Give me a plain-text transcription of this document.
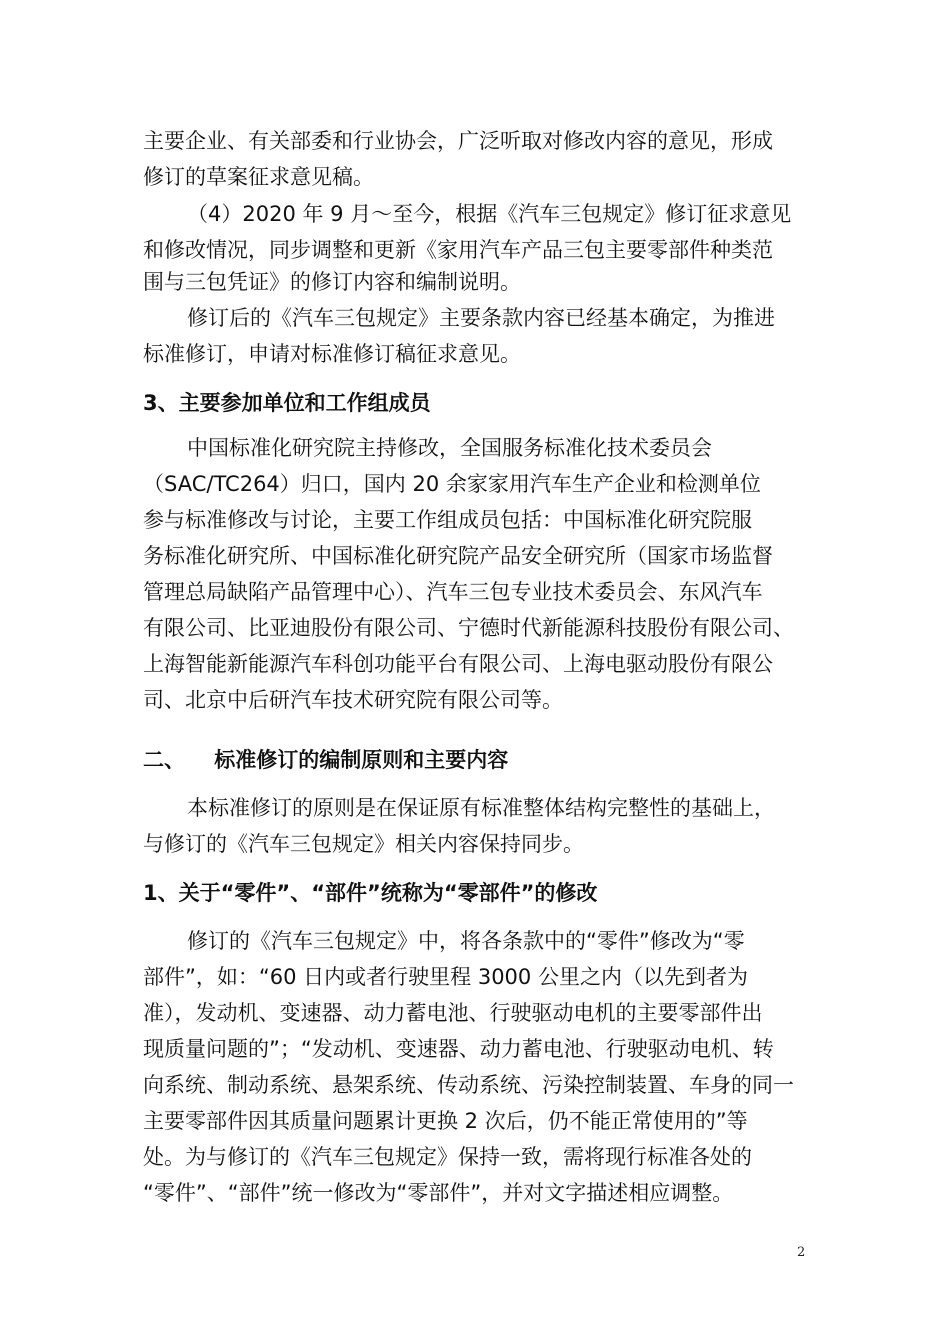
主要企业、有关部委和行业协会，广泛听取对修改内容的意见，形成
修订的草案征求意见稿。
（4）2020 年 9 月～至今，根据《汽车三包规定》修订征求意见
和修改情况，同步调整和更新《家用汽车产品三包主要零部件种类范
围与三包凭证》的修订内容和编制说明。
修订后的《汽车三包规定》主要条款内容已经基本确定，为推进
标准修订，申请对标准修订稿征求意见。
3、主要参加单位和工作组成员
中国标准化研究院主持修改，全国服务标准化技术委员会
（SAC/TC264）归口，国内 20 余家家用汽车生产企业和检测单位
参与标准修改与讨论，主要工作组成员包括：中国标准化研究院服
务标准化研究所、中国标准化研究院产品安全研究所（国家市场监督
管理总局缺陷产品管理中心）、汽车三包专业技术委员会、东风汽车
有限公司、比亚迪股份有限公司、宁德时代新能源科技股份有限公司、
上海智能新能源汽车科创功能平台有限公司、上海电驱动股份有限公
司、北京中后研汽车技术研究院有限公司等。
二、    标准修订的编制原则和主要内容
本标准修订的原则是在保证原有标准整体结构完整性的基础上，
与修订的《汽车三包规定》相关内容保持同步。
1、关于“零件”、“部件”统称为“零部件”的修改
修订的《汽车三包规定》中，将各条款中的“零件”修改为“零
部件”，如：“60 日内或者行驶里程 3000 公里之内（以先到者为
准），发动机、变速器、动力蓄电池、行驶驱动电机的主要零部件出
现质量问题的”；“发动机、变速器、动力蓄电池、行驶驱动电机、转
向系统、制动系统、悬架系统、传动系统、污染控制装置、车身的同一
主要零部件因其质量问题累计更换 2 次后，仍不能正常使用的”等
处。为与修订的《汽车三包规定》保持一致，需将现行标准各处的
“零件”、“部件”统一修改为“零部件”，并对文字描述相应调整。
2
